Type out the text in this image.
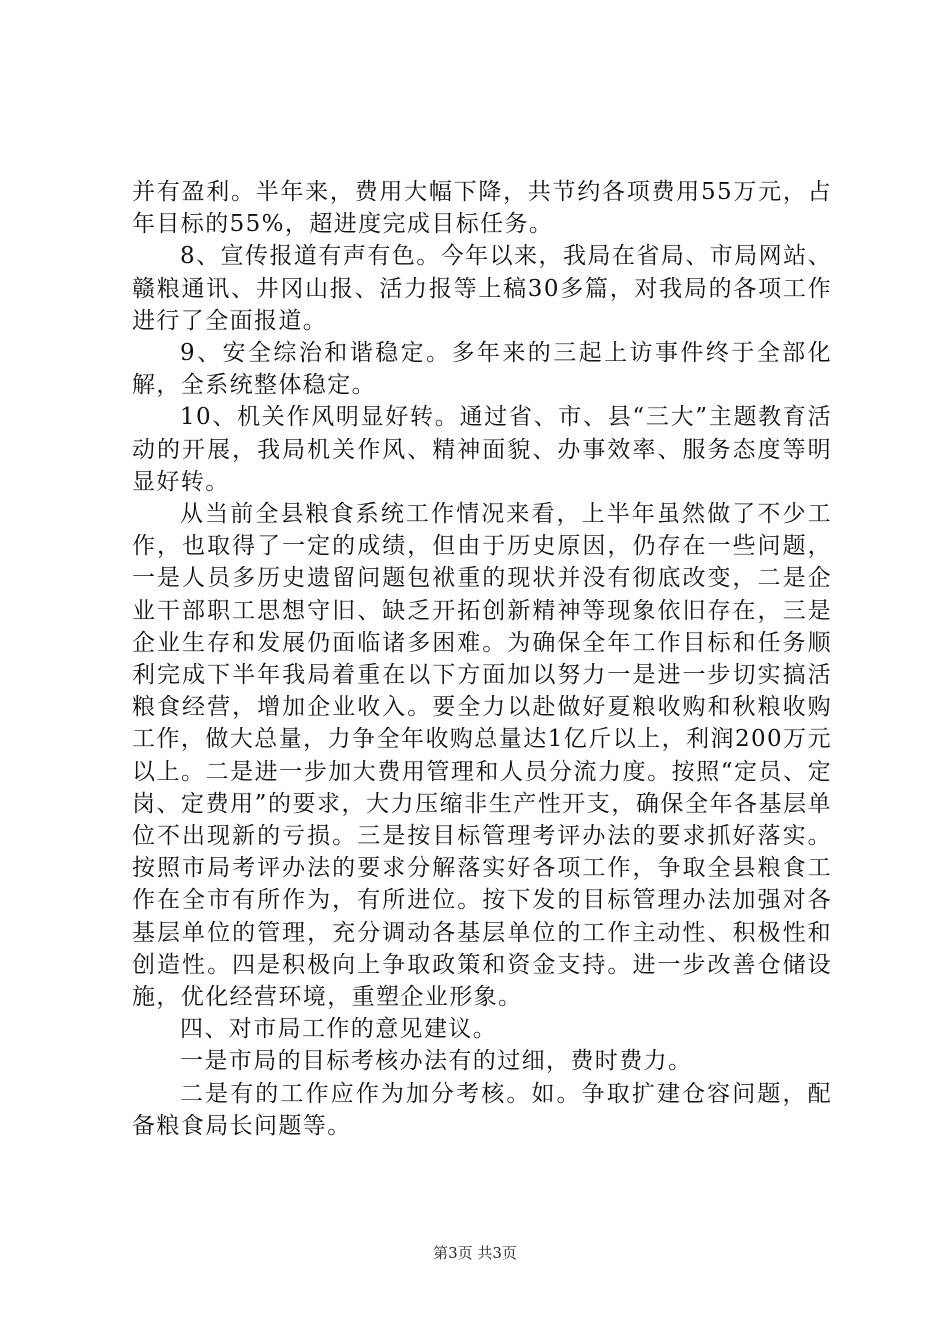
并有盈利。半年来，费用大幅下降，共节约各项费用55万元，占年目标的55%，超进度完成目标任务。

8、宣传报道有声有色。今年以来，我局在省局、市局网站、赣粮通讯、井冈山报、活力报等上稿30多篇，对我局的各项工作进行了全面报道。

9、安全综治和谐稳定。多年来的三起上访事件终于全部化解，全系统整体稳定。

10、机关作风明显好转。通过省、市、县“三大”主题教育活动的开展，我局机关作风、精神面貌、办事效率、服务态度等明显好转。

从当前全县粮食系统工作情况来看，上半年虽然做了不少工作，也取得了一定的成绩，但由于历史原因，仍存在一些问题，一是人员多历史遗留问题包袱重的现状并没有彻底改变，二是企业干部职工思想守旧、缺乏开拓创新精神等现象依旧存在，三是企业生存和发展仍面临诸多困难。为确保全年工作目标和任务顺利完成下半年我局着重在以下方面加以努力一是进一步切实搞活粮食经营，增加企业收入。要全力以赴做好夏粮收购和秋粮收购工作，做大总量，力争全年收购总量达1亿斤以上，利润200万元以上。二是进一步加大费用管理和人员分流力度。按照“定员、定岗、定费用”的要求，大力压缩非生产性开支，确保全年各基层单位不出现新的亏损。三是按目标管理考评办法的要求抓好落实。按照市局考评办法的要求分解落实好各项工作，争取全县粮食工作在全市有所作为，有所进位。按下发的目标管理办法加强对各基层单位的管理，充分调动各基层单位的工作主动性、积极性和创造性。四是积极向上争取政策和资金支持。进一步改善仓储设施，优化经营环境，重塑企业形象。

四、对市局工作的意见建议。

一是市局的目标考核办法有的过细，费时费力。

二是有的工作应作为加分考核。如。争取扩建仓容问题，配备粮食局长问题等。

第3页 共3页
